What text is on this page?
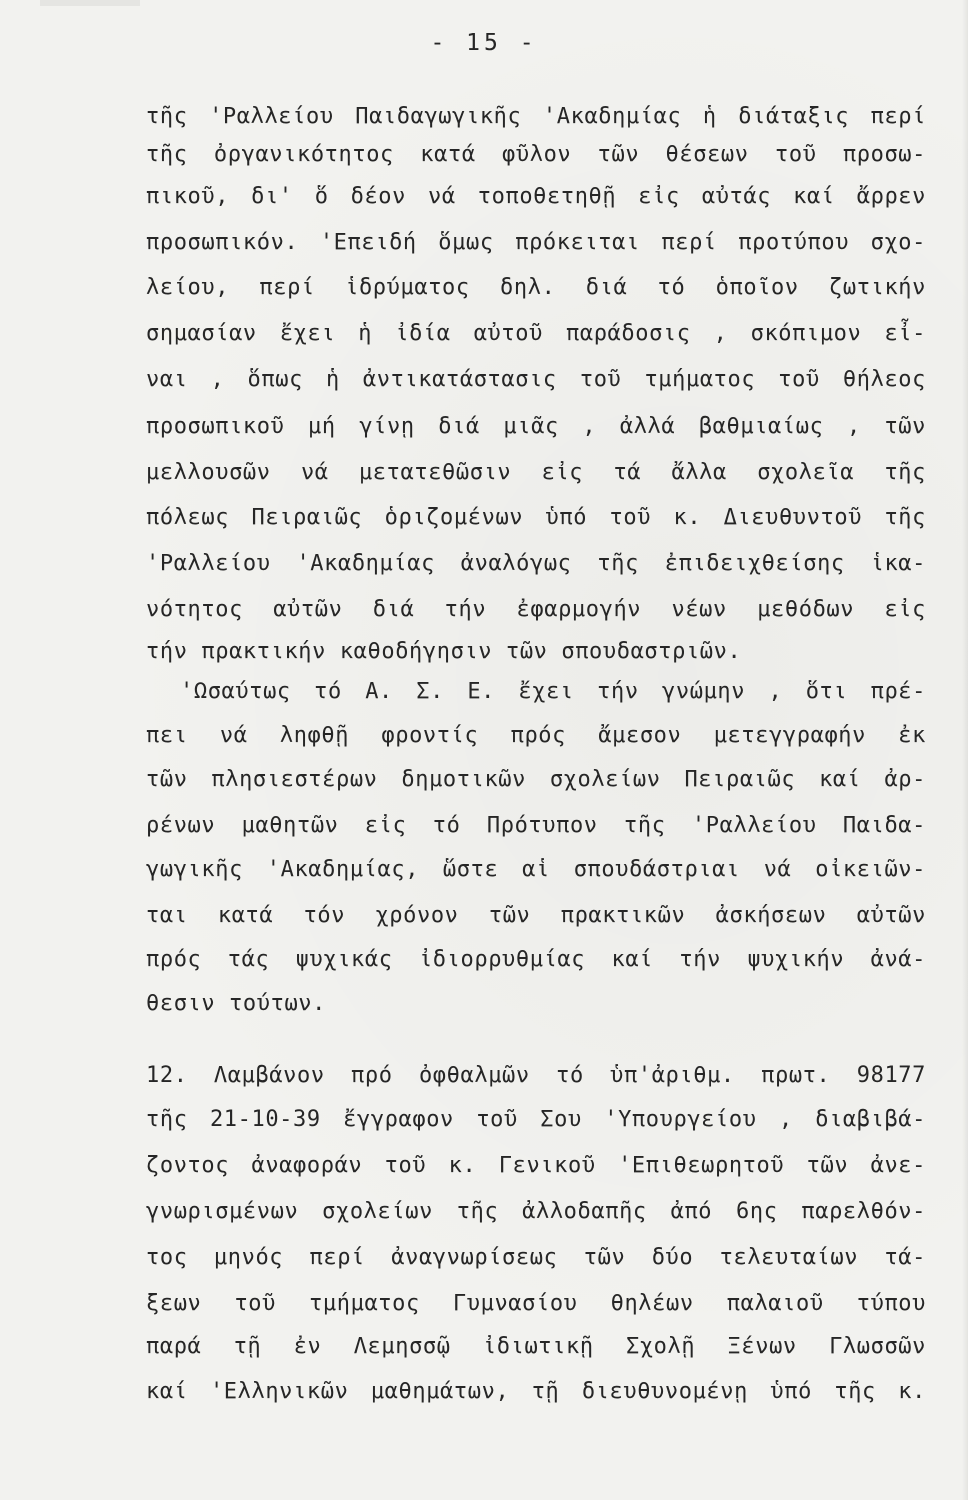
- 15 -
τῆς 'Ραλλείου Παιδαγωγικῆς 'Ακαδημίας ἡ διάταξις περί
τῆς ὀργανικότητος κατά φῦλον τῶν θέσεων τοῦ προσω-
πικοῦ, δι' ὅ δέον νά τοποθετηθῇ εἰς αὐτάς καί ἄρρεν
προσωπικόν. 'Επειδή ὅμως πρόκειται περί προτύπου σχο-
λείου, περί ἱδρύματος δηλ. διά τό ὁποῖον ζωτικήν
σημασίαν ἔχει ἡ ἰδία αὐτοῦ παράδοσις , σκόπιμον εἶ-
ναι , ὅπως ἡ ἀντικατάστασις τοῦ τμήματος τοῦ θήλεος
προσωπικοῦ μή γίνῃ διά μιᾶς , ἀλλά βαθμιαίως , τῶν
μελλουσῶν νά μετατεθῶσιν εἰς τά ἄλλα σχολεῖα τῆς
πόλεως Πειραιῶς ὁριζομένων ὑπό τοῦ κ. Διευθυντοῦ τῆς
'Ραλλείου 'Ακαδημίας ἀναλόγως τῆς ἐπιδειχθείσης ἱκα-
νότητος αὐτῶν διά τήν ἐφαρμογήν νέων μεθόδων εἰς
τήν πρακτικήν καθοδήγησιν τῶν σπουδαστριῶν.
'Ωσαύτως τό Α. Σ. Ε. ἔχει τήν γνώμην , ὅτι πρέ-
πει νά ληφθῇ φροντίς πρός ἄμεσον μετεγγραφήν ἐκ
τῶν πλησιεστέρων δημοτικῶν σχολείων Πειραιῶς καί ἀρ-
ρένων μαθητῶν εἰς τό Πρότυπον τῆς 'Ραλλείου Παιδα-
γωγικῆς 'Ακαδημίας, ὥστε αἱ σπουδάστριαι νά οἰκειῶν-
ται κατά τόν χρόνον τῶν πρακτικῶν ἀσκήσεων αὐτῶν
πρός τάς ψυχικάς ἰδιορρυθμίας καί τήν ψυχικήν ἀνά-
θεσιν τούτων.
12. Λαμβάνον πρό ὀφθαλμῶν τό ὑπ'ἀριθμ. πρωτ. 98177
τῆς 21-10-39 ἔγγραφον τοῦ Σου 'Υπουργείου , διαβιβά-
ζοντος ἀναφοράν τοῦ κ. Γενικοῦ 'Επιθεωρητοῦ τῶν ἀνε-
γνωρισμένων σχολείων τῆς ἀλλοδαπῆς ἀπό 6ης παρελθόν-
τος μηνός περί ἀναγνωρίσεως τῶν δύο τελευταίων τά-
ξεων τοῦ τμήματος Γυμνασίου θηλέων παλαιοῦ τύπου
παρά τῇ ἐν Λεμησσῷ ἰδιωτικῇ Σχολῇ Ξένων Γλωσσῶν
καί 'Ελληνικῶν μαθημάτων, τῇ διευθυνομένῃ ὑπό τῆς κ.
